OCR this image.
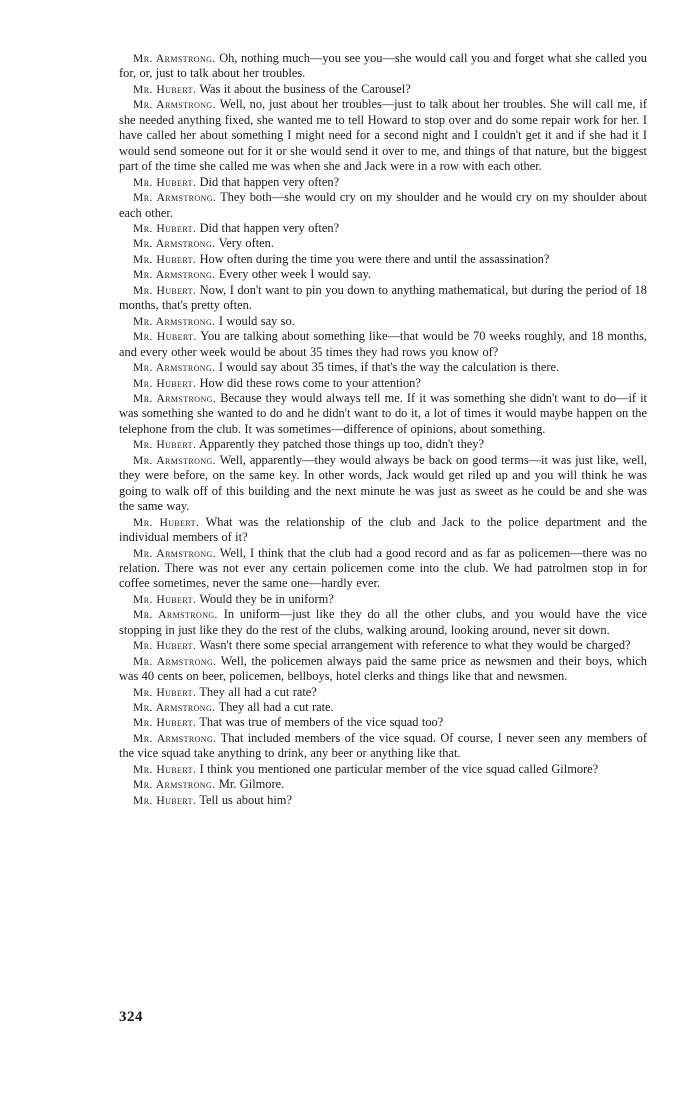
Mr. Armstrong. Oh, nothing much—you see you—she would call you and forget what she called you for, or, just to talk about her troubles.

Mr. Hubert. Was it about the business of the Carousel?

Mr. Armstrong. Well, no, just about her troubles—just to talk about her troubles. She will call me, if she needed anything fixed, she wanted me to tell Howard to stop over and do some repair work for her. I have called her about something I might need for a second night and I couldn't get it and if she had it I would send someone out for it or she would send it over to me, and things of that nature, but the biggest part of the time she called me was when she and Jack were in a row with each other.

Mr. Hubert. Did that happen very often?

Mr. Armstrong. They both—she would cry on my shoulder and he would cry on my shoulder about each other.

Mr. Hubert. Did that happen very often?

Mr. Armstrong. Very often.

Mr. Hubert. How often during the time you were there and until the assassination?

Mr. Armstrong. Every other week I would say.

Mr. Hubert. Now, I don't want to pin you down to anything mathematical, but during the period of 18 months, that's pretty often.

Mr. Armstrong. I would say so.

Mr. Hubert. You are talking about something like—that would be 70 weeks roughly, and 18 months, and every other week would be about 35 times they had rows you know of?

Mr. Armstrong. I would say about 35 times, if that's the way the calculation is there.

Mr. Hubert. How did these rows come to your attention?

Mr. Armstrong. Because they would always tell me. If it was something she didn't want to do—if it was something she wanted to do and he didn't want to do it, a lot of times it would maybe happen on the telephone from the club. It was sometimes—difference of opinions, about something.

Mr. Hubert. Apparently they patched those things up too, didn't they?

Mr. Armstrong. Well, apparently—they would always be back on good terms—it was just like, well, they were before, on the same key. In other words, Jack would get riled up and you will think he was going to walk off of this building and the next minute he was just as sweet as he could be and she was the same way.

Mr. Hubert. What was the relationship of the club and Jack to the police department and the individual members of it?

Mr. Armstrong. Well, I think that the club had a good record and as far as policemen—there was no relation. There was not ever any certain policemen come into the club. We had patrolmen stop in for coffee sometimes, never the same one—hardly ever.

Mr. Hubert. Would they be in uniform?

Mr. Armstrong. In uniform—just like they do all the other clubs, and you would have the vice stopping in just like they do the rest of the clubs, walking around, looking around, never sit down.

Mr. Hubert. Wasn't there some special arrangement with reference to what they would be charged?

Mr. Armstrong. Well, the policemen always paid the same price as newsmen and their boys, which was 40 cents on beer, policemen, bellboys, hotel clerks and things like that and newsmen.

Mr. Hubert. They all had a cut rate?

Mr. Armstrong. They all had a cut rate.

Mr. Hubert. That was true of members of the vice squad too?

Mr. Armstrong. That included members of the vice squad. Of course, I never seen any members of the vice squad take anything to drink, any beer or anything like that.

Mr. Hubert. I think you mentioned one particular member of the vice squad called Gilmore?

Mr. Armstrong. Mr. Gilmore.

Mr. Hubert. Tell us about him?

324
